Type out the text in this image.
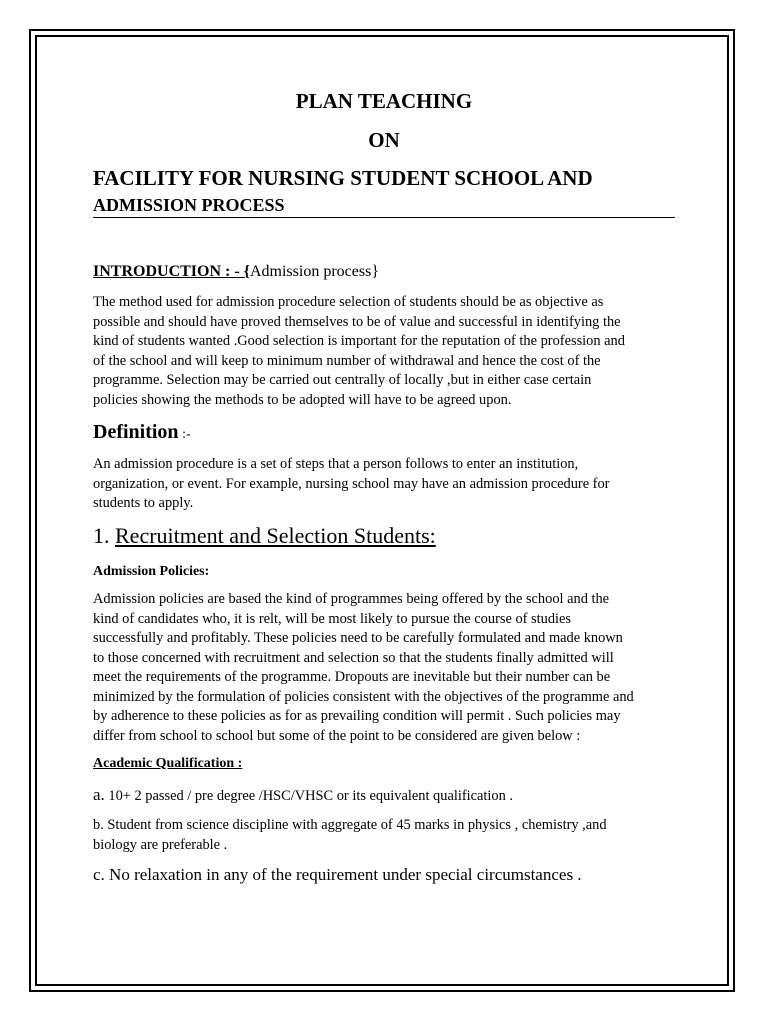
PLAN TEACHING
ON
FACILITY FOR NURSING STUDENT SCHOOL AND
ADMISSION PROCESS
INTRODUCTION : - {Admission process}
The method used for admission procedure selection of students should be as objective as
possible and should have proved themselves to be of value and successful in identifying the
kind of students wanted .Good selection is important for the reputation of the profession and
of the school and will keep to minimum number of withdrawal and hence the cost of the
programme. Selection may be carried out centrally of locally ,but in either case certain
policies showing the methods to be adopted will have to be agreed upon.
Definition :-
An admission procedure is a set of steps that a person follows to enter an institution,
organization, or event. For example, nursing school may have an admission procedure for
students to apply.
1. Recruitment and Selection Students:
Admission Policies:
Admission policies are based the kind of programmes being offered by the school and the
kind of candidates who, it is relt, will be most likely to pursue the course of studies
successfully and profitably. These policies need to be carefully formulated and made known
to those concerned with recruitment and selection so that the students finally admitted will
meet the requirements of the programme. Dropouts are inevitable but their number can be
minimized by the formulation of policies consistent with the objectives of the programme and
by adherence to these policies as for as prevailing condition will permit . Such policies may
differ from school to school but some of the point to be considered are given below :
Academic Qualification :
a. 10+ 2 passed / pre degree /HSC/VHSC or its equivalent qualification .
b. Student from science discipline with aggregate of 45 marks in physics , chemistry ,and
biology are preferable .
c. No relaxation in any of the requirement under special circumstances .
